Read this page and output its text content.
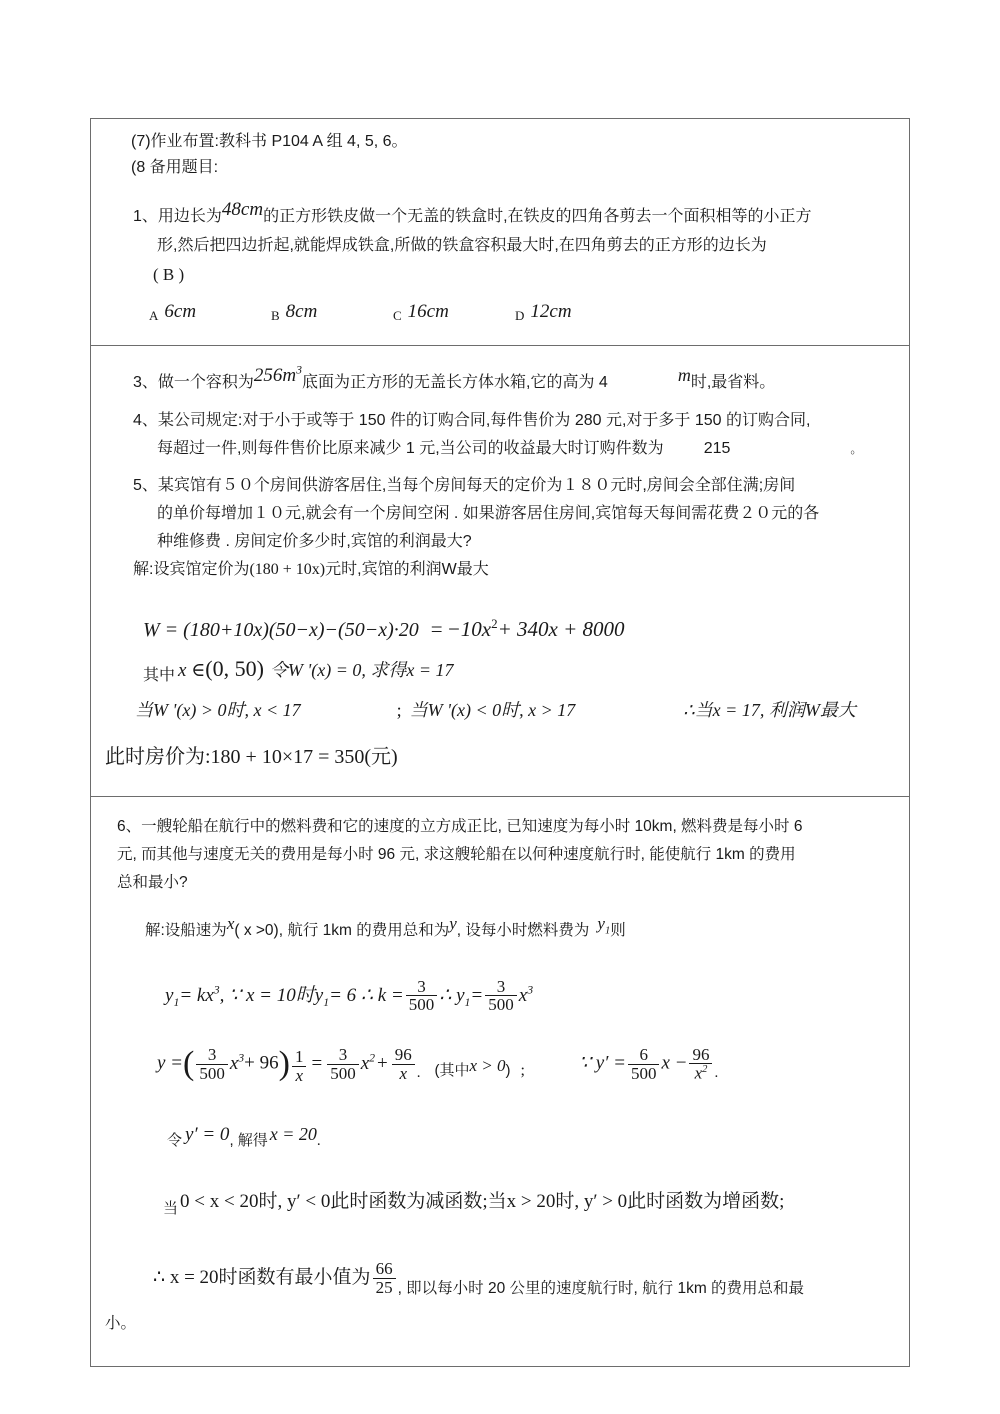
(7)作业布置:教科书 P104 A 组 4, 5, 6。
(8 备用题目:
1、用边长为48cm的正方形铁皮做一个无盖的铁盒时,在铁皮的四角各剪去一个面积相等的小正方
形,然后把四边折起,就能焊成铁盒,所做的铁盒容积最大时,在四角剪去的正方形的边长为
( B )
A 6cm	B 8cm	C 16cm	D 12cm
3、做一个容积为$256m^3$底面为正方形的无盖长方体水箱,它的高为 4	m时,最省料。
4、某公司规定:对于小于或等于 150 件的订购合同,每件售价为 280 元,对于多于 150 的订购合同,
每超过一件,则每件售价比原来减少 1 元,当公司的收益最大时订购件数为	215	。
5、某宾馆有５０个房间供游客居住,当每个房间每天的定价为１８０元时,房间会全部住满;房间
的单价每增加１０元,就会有一个房间空闲 . 如果游客居住房间,宾馆每天每间需花费２０元的各
种维修费 . 房间定价多少时,宾馆的利润最大?
解:设宾馆定价为(180 + 10x)元时,宾馆的利润W最大
$W = (180+10x)(50-x)-(50-x)\cdot 20 = -10x^2+ 340x + 8000$
其中 x ∈(0, 50) 令W '(x) = 0, 求得x = 17
当W '(x) > 0时, x < 17	; 当W '(x) < 0时, x > 17	∴当x = 17, 利润W最大
此时房价为:180 + 10×17 = 350(元)
6、一艘轮船在航行中的燃料费和它的速度的立方成正比, 已知速度为每小时 10km, 燃料费是每小时 6
元, 而其他与速度无关的费用是每小时 96 元, 求这艘轮船在以何种速度航行时, 能使航行 1km 的费用
总和最小?
解:设船速为x( x >0), 航行 1km 的费用总和为y, 设每小时燃料费为 $y_1$则
$y_1= kx^3$, ∵ x = 10时$y_1= 6$ ∴ $k = \frac{3}{500}$ ∴ $y_1= \frac{3}{500} x^3$
y =( $\frac{3}{500} x^3+ 96) \frac{1}{x} = \frac{3}{500} x^2 + \frac{96}{x}$ . (其中x > 0) ;	∵ $y' = \frac{6}{500}$ $x - \frac{96}{x^2}$ .
令 y′ = 0, 解得 x = 20.
当 0 < x < 20时, y′ < 0此时函数为减函数;当x > 20时, y′ > 0此时函数为增函数;
∴ x = 20时函数有最小值为 $\frac{66}{25}$ , 即以每小时 20 公里的速度航行时, 航行 1km 的费用总和最
小。
